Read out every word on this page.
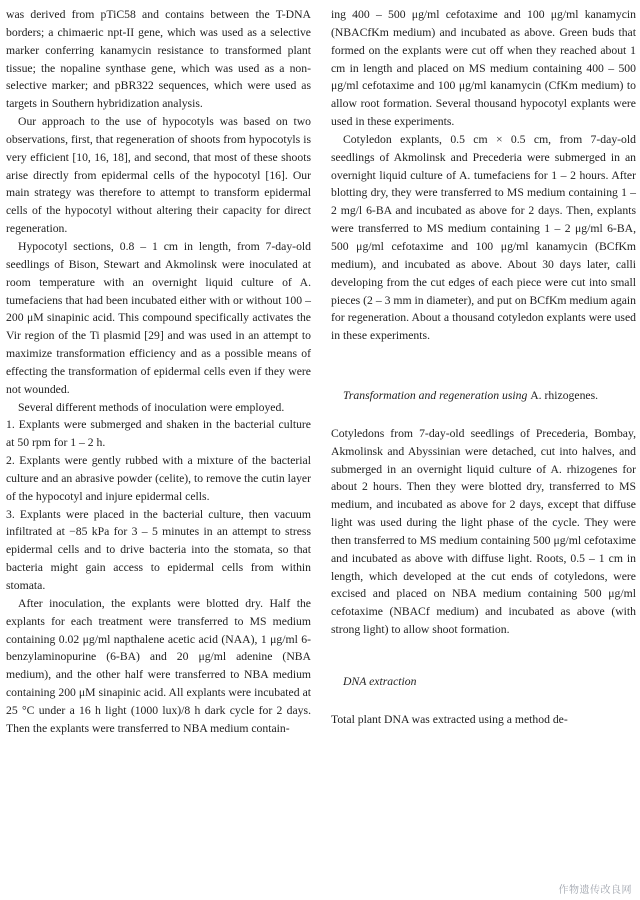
was derived from pTiC58 and contains between the T-DNA borders; a chimaeric npt-II gene, which was used as a selective marker conferring kanamycin resistance to transformed plant tissue; the nopaline synthase gene, which was used as a non-selective marker; and pBR322 sequences, which were used as targets in Southern hybridization analysis.

Our approach to the use of hypocotyls was based on two observations, first, that regeneration of shoots from hypocotyls is very efficient [10, 16, 18], and second, that most of these shoots arise directly from epidermal cells of the hypocotyl [16]. Our main strategy was therefore to attempt to transform epidermal cells of the hypocotyl without altering their capacity for direct regeneration.

Hypocotyl sections, 0.8 – 1 cm in length, from 7-day-old seedlings of Bison, Stewart and Akmolinsk were inoculated at room temperature with an overnight liquid culture of A. tumefaciens that had been incubated either with or without 100 – 200 μM sinapinic acid. This compound specifically activates the Vir region of the Ti plasmid [29] and was used in an attempt to maximize transformation efficiency and as a possible means of effecting the transformation of epidermal cells even if they were not wounded.

Several different methods of inoculation were employed.

1. Explants were submerged and shaken in the bacterial culture at 50 rpm for 1 – 2 h.

2. Explants were gently rubbed with a mixture of the bacterial culture and an abrasive powder (celite), to remove the cutin layer of the hypocotyl and injure epidermal cells.

3. Explants were placed in the bacterial culture, then vacuum infiltrated at −85 kPa for 3 – 5 minutes in an attempt to stress epidermal cells and to drive bacteria into the stomata, so that bacteria might gain access to epidermal cells from within stomata.

After inoculation, the explants were blotted dry. Half the explants for each treatment were transferred to MS medium containing 0.02 μg/ml napthalene acetic acid (NAA), 1 μg/ml 6-benzylaminopurine (6-BA) and 20 μg/ml adenine (NBA medium), and the other half were transferred to NBA medium containing 200 μM sinapinic acid. All explants were incubated at 25 °C under a 16 h light (1000 lux)/8 h dark cycle for 2 days. Then the explants were transferred to NBA medium contain-

ing 400 – 500 μg/ml cefotaxime and 100 μg/ml kanamycin (NBACfKm medium) and incubated as above. Green buds that formed on the explants were cut off when they reached about 1 cm in length and placed on MS medium containing 400 – 500 μg/ml cefotaxime and 100 μg/ml kanamycin (CfKm medium) to allow root formation. Several thousand hypocotyl explants were used in these experiments.

Cotyledon explants, 0.5 cm × 0.5 cm, from 7-day-old seedlings of Akmolinsk and Precederia were submerged in an overnight liquid culture of A. tumefaciens for 1 – 2 hours. After blotting dry, they were transferred to MS medium containing 1 – 2 mg/l 6-BA and incubated as above for 2 days. Then, explants were transferred to MS medium containing 1 – 2 μg/ml 6-BA, 500 μg/ml cefotaxime and 100 μg/ml kanamycin (BCfKm medium), and incubated as above. About 30 days later, calli developing from the cut edges of each piece were cut into small pieces (2 – 3 mm in diameter), and put on BCfKm medium again for regeneration. About a thousand cotyledon explants were used in these experiments.

Transformation and regeneration using A. rhizogenes.

Cotyledons from 7-day-old seedlings of Precederia, Bombay, Akmolinsk and Abyssinian were detached, cut into halves, and submerged in an overnight liquid culture of A. rhizogenes for about 2 hours. Then they were blotted dry, transferred to MS medium, and incubated as above for 2 days, except that diffuse light was used during the light phase of the cycle. They were then transferred to MS medium containing 500 μg/ml cefotaxime and incubated as above with diffuse light. Roots, 0.5 – 1 cm in length, which developed at the cut ends of cotyledons, were excised and placed on NBA medium containing 500 μg/ml cefotaxime (NBACf medium) and incubated as above (with strong light) to allow shoot formation.

DNA extraction

Total plant DNA was extracted using a method de-

作物遗传改良网
